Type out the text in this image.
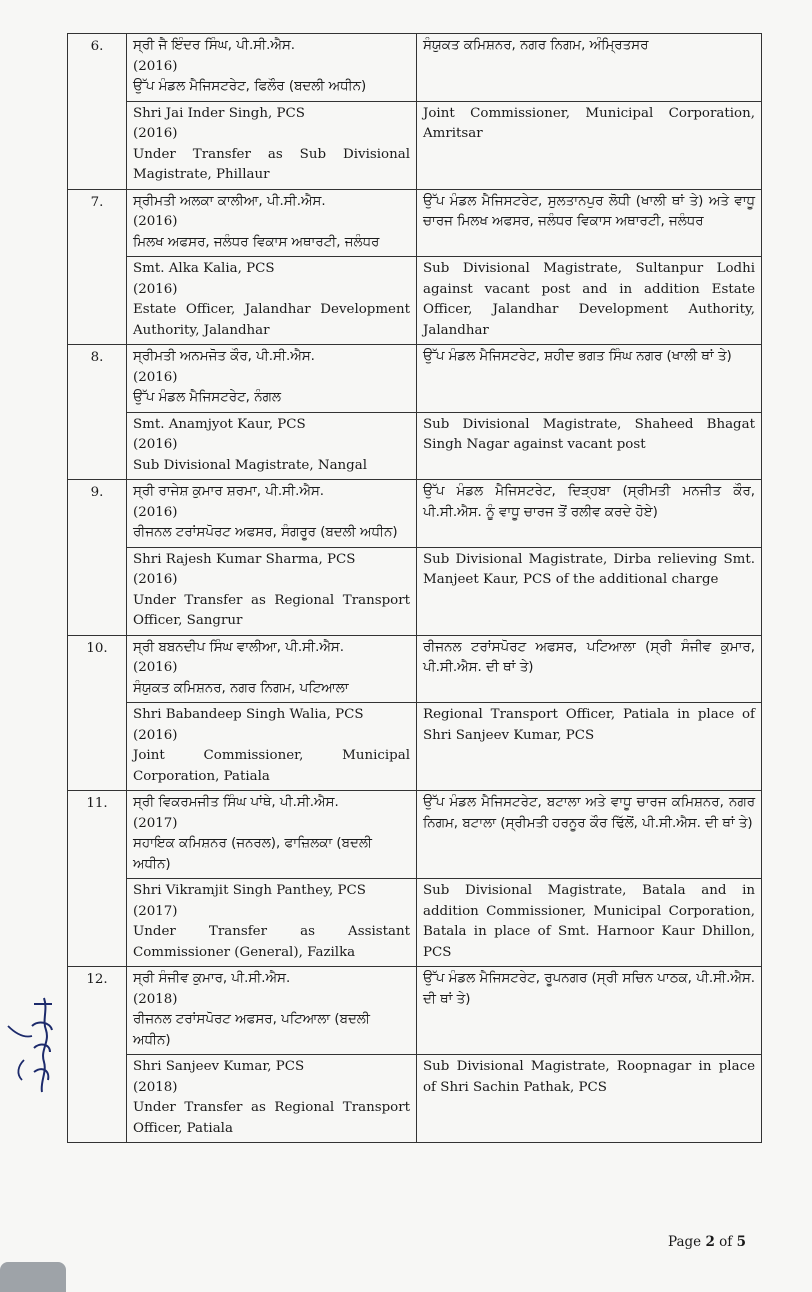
6.	ਸ੍ਰੀ ਜੈ ਇੰਦਰ ਸਿੰਘ, ਪੀ.ਸੀ.ਐਸ.
(2016)
ਉੱਪ ਮੰਡਲ ਮੈਜਿਸਟਰੇਟ, ਫਿਲੌਰ (ਬਦਲੀ ਅਧੀਨ)	ਸੰਯੁਕਤ ਕਮਿਸ਼ਨਰ, ਨਗਰ ਨਿਗਮ, ਅੰਮ੍ਰਿਤਸਰ

	Shri Jai Inder Singh, PCS
(2016)
Under Transfer as Sub Divisional Magistrate, Phillaur	Joint Commissioner, Municipal Corporation, Amritsar
7.	ਸ੍ਰੀਮਤੀ ਅਲਕਾ ਕਾਲੀਆ, ਪੀ.ਸੀ.ਐਸ.
(2016)
ਮਿਲਖ ਅਫਸਰ, ਜਲੰਧਰ ਵਿਕਾਸ ਅਥਾਰਟੀ, ਜਲੰਧਰ	ਉੱਪ ਮੰਡਲ ਮੈਜਿਸਟਰੇਟ, ਸੁਲਤਾਨਪੁਰ ਲੋਧੀ (ਖਾਲੀ ਥਾਂ ਤੇ) ਅਤੇ ਵਾਧੂ ਚਾਰਜ ਮਿਲਖ ਅਫਸਰ, ਜਲੰਧਰ ਵਿਕਾਸ ਅਥਾਰਟੀ, ਜਲੰਧਰ

	Smt. Alka Kalia, PCS
(2016)
Estate Officer, Jalandhar Development Authority, Jalandhar	Sub Divisional Magistrate, Sultanpur Lodhi against vacant post and in addition Estate Officer, Jalandhar Development Authority, Jalandhar
8.	ਸ੍ਰੀਮਤੀ ਅਨਮਜੋਤ ਕੌਰ, ਪੀ.ਸੀ.ਐਸ.
(2016)
ਉੱਪ ਮੰਡਲ ਮੈਜਿਸਟਰੇਟ, ਨੰਗਲ	ਉੱਪ ਮੰਡਲ ਮੈਜਿਸਟਰੇਟ, ਸ਼ਹੀਦ ਭਗਤ ਸਿੰਘ ਨਗਰ (ਖਾਲੀ ਥਾਂ ਤੇ)

	Smt. Anamjyot Kaur, PCS
(2016)
Sub Divisional Magistrate, Nangal	Sub Divisional Magistrate, Shaheed Bhagat Singh Nagar against vacant post
9.	ਸ੍ਰੀ ਰਾਜੇਸ਼ ਕੁਮਾਰ ਸ਼ਰਮਾ, ਪੀ.ਸੀ.ਐਸ.
(2016)
ਰੀਜਨਲ ਟਰਾਂਸਪੋਰਟ ਅਫਸਰ, ਸੰਗਰੂਰ (ਬਦਲੀ ਅਧੀਨ)	ਉੱਪ ਮੰਡਲ ਮੈਜਿਸਟਰੇਟ, ਦਿੜ੍ਹਬਾ (ਸ੍ਰੀਮਤੀ ਮਨਜੀਤ ਕੌਰ, ਪੀ.ਸੀ.ਐਸ. ਨੂੰ ਵਾਧੂ ਚਾਰਜ ਤੋਂ ਰਲੀਵ ਕਰਦੇ ਹੋਏ)

	Shri Rajesh Kumar Sharma, PCS
(2016)
Under Transfer as Regional Transport Officer, Sangrur	Sub Divisional Magistrate, Dirba relieving Smt. Manjeet Kaur, PCS of the additional charge
10.	ਸ੍ਰੀ ਬਬਨਦੀਪ ਸਿੰਘ ਵਾਲੀਆ, ਪੀ.ਸੀ.ਐਸ.
(2016)
ਸੰਯੁਕਤ ਕਮਿਸ਼ਨਰ, ਨਗਰ ਨਿਗਮ, ਪਟਿਆਲਾ	ਰੀਜਨਲ ਟਰਾਂਸਪੋਰਟ ਅਫਸਰ, ਪਟਿਆਲਾ (ਸ੍ਰੀ ਸੰਜੀਵ ਕੁਮਾਰ, ਪੀ.ਸੀ.ਐਸ. ਦੀ ਥਾਂ ਤੇ)

	Shri Babandeep Singh Walia, PCS
(2016)
Joint Commissioner, Municipal Corporation, Patiala	Regional Transport Officer, Patiala in place of Shri Sanjeev Kumar, PCS
11.	ਸ੍ਰੀ ਵਿਕਰਮਜੀਤ ਸਿੰਘ ਪਾਂਥੇ, ਪੀ.ਸੀ.ਐਸ.
(2017)
ਸਹਾਇਕ ਕਮਿਸ਼ਨਰ (ਜਨਰਲ), ਫਾਜ਼ਿਲਕਾ (ਬਦਲੀ ਅਧੀਨ)	ਉੱਪ ਮੰਡਲ ਮੈਜਿਸਟਰੇਟ, ਬਟਾਲਾ ਅਤੇ ਵਾਧੂ ਚਾਰਜ ਕਮਿਸ਼ਨਰ, ਨਗਰ ਨਿਗਮ, ਬਟਾਲਾ (ਸ੍ਰੀਮਤੀ ਹਰਨੂਰ ਕੌਰ ਢਿੱਲੋਂ, ਪੀ.ਸੀ.ਐਸ. ਦੀ ਥਾਂ ਤੇ)

	Shri Vikramjit Singh Panthey, PCS
(2017)
Under Transfer as Assistant Commissioner (General), Fazilka	Sub Divisional Magistrate, Batala and in addition Commissioner, Municipal Corporation, Batala in place of Smt. Harnoor Kaur Dhillon, PCS
12.	ਸ੍ਰੀ ਸੰਜੀਵ ਕੁਮਾਰ, ਪੀ.ਸੀ.ਐਸ.
(2018)
ਰੀਜਨਲ ਟਰਾਂਸਪੋਰਟ ਅਫਸਰ, ਪਟਿਆਲਾ (ਬਦਲੀ ਅਧੀਨ)	ਉੱਪ ਮੰਡਲ ਮੈਜਿਸਟਰੇਟ, ਰੂਪਨਗਰ (ਸ੍ਰੀ ਸਚਿਨ ਪਾਠਕ, ਪੀ.ਸੀ.ਐਸ. ਦੀ ਥਾਂ ਤੇ)

	Shri Sanjeev Kumar, PCS
(2018)
Under Transfer as Regional Transport Officer, Patiala	Sub Divisional Magistrate, Roopnagar in place of Shri Sachin Pathak, PCS
Page 2 of 5
